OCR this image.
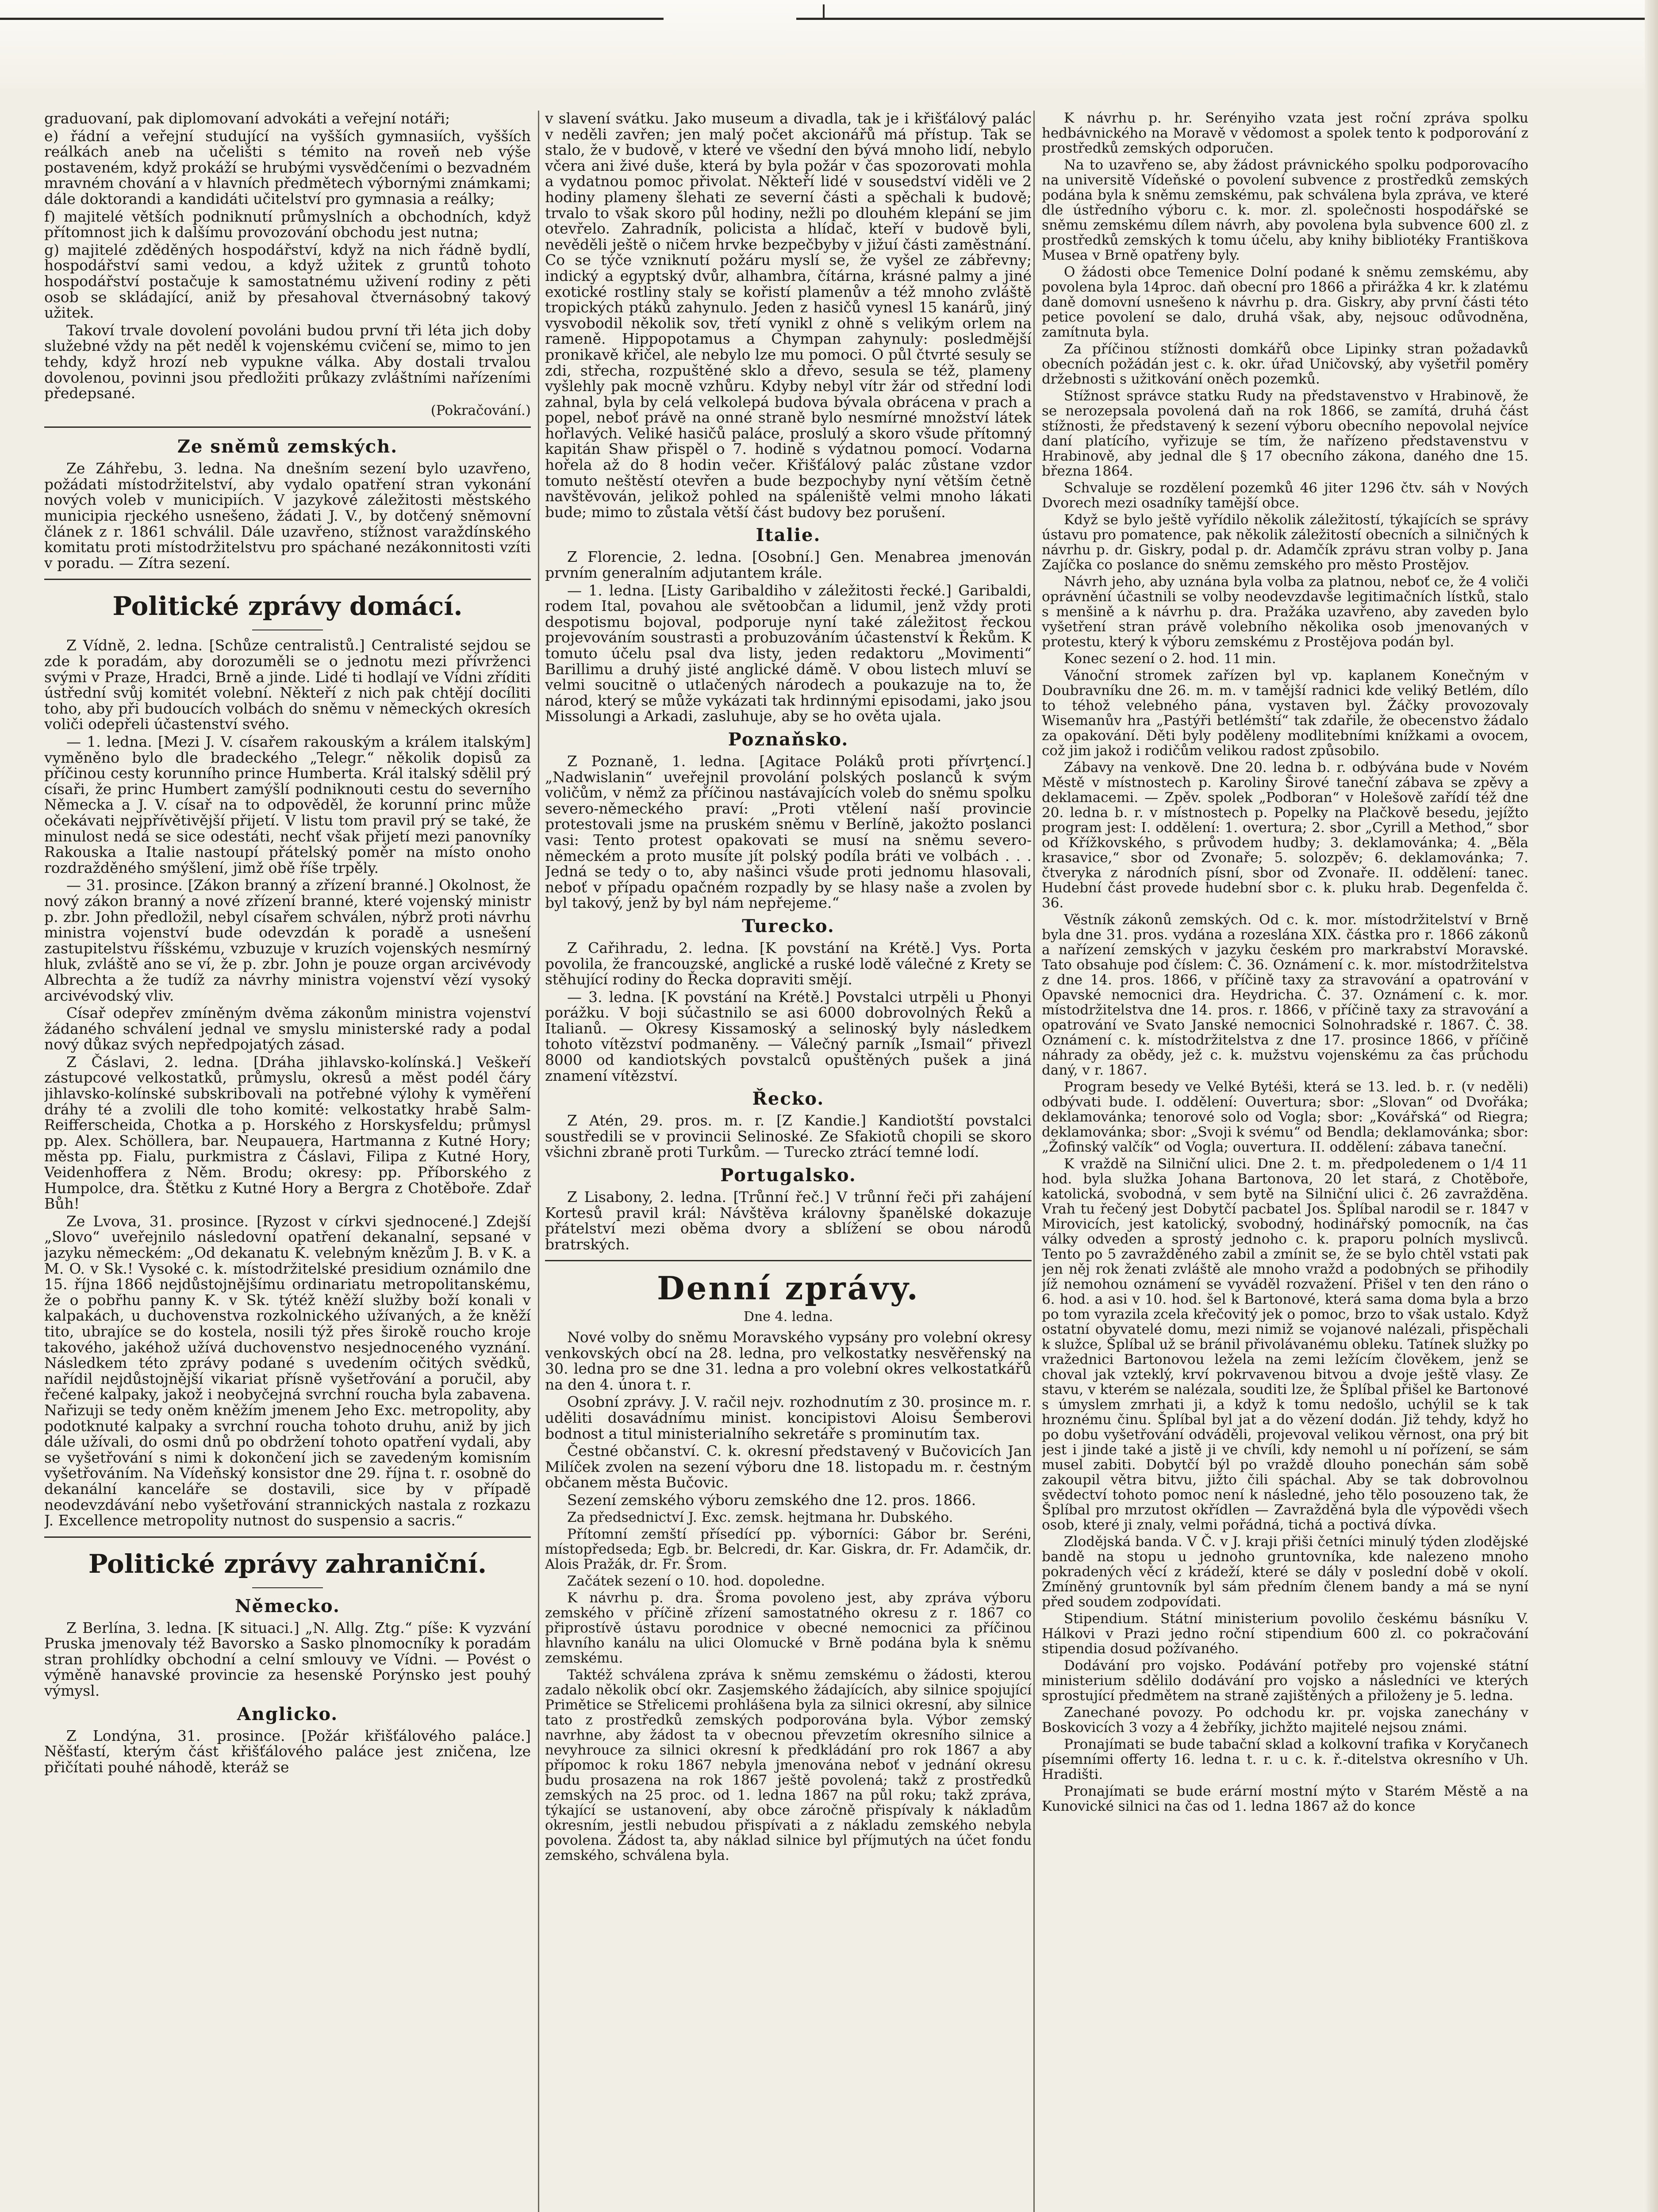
graduovaní, pak diplomovaní advokáti a veřejní notáři;

e) řádní a veřejní studující na vyšších gymnasiích, vyšších reálkách aneb na učelišti s témito na roveň neb výše postaveném, když prokáží se hrubými vysvědčeními o bezvadném mravném chování a v hlavních předmětech výborný́mi známkami; dále doktorandi a kandidáti učitelství pro gymnasia a reálky;

f) majitelé větších podniknutí průmyslních a obchodních, když přítomnost jich k dalšímu provozování obchodu jest nutna;

g) majitelé zděděných hospodářství, když na nich řádně bydlí, hospodářství sami vedou, a když užitek z gruntů tohoto hospodářství postačuje k samostatnému uživení rodiny z pěti osob se skládající, aniž by přesahoval čtvernásobný takový užitek.

Takoví trvale dovolení povoláni budou první tři léta jich doby služebné vždy na pět neděl k vojenskému cvičení se, mimo to jen tehdy, když hrozí neb vypukne válka. Aby dostali trvalou dovolenou, povinni jsou předložiti průkazy zvláštními nařízeními předepsané.

(Pokračování.)
Ze sněmů zemských.

Ze Záhřebu, 3. ledna. Na dnešním sezení bylo uzavřeno, požádati místodržitelství, aby vydalo opatření stran vykonání nových voleb v municipiích. V jazykové záležitosti městského municipia rjeckého usnešeno, žádati J. V., by dotčený sněmovní článek z r. 1861 schválil. Dále uzavřeno, stížnost varaždínského komitatu proti místodržitelstvu pro spáchané nezákonnitosti vzíti v poradu. — Zítra sezení.

Politické zprávy domácí.

Z Vídně, 2. ledna. [Schůze centralistů.] Centralisté sejdou se zde k poradám, aby dorozuměli se o jednotu mezi přívrženci svými v Praze, Hradci, Brně a jinde. Lidé ti hodlají ve Vídni zříditi ústřední svůj komitét volební. Někteří z nich pak chtějí docíliti toho, aby při budoucích volbách do sněmu v německých okresích voliči odepřeli účastenství svého.

— 1. ledna. [Mezi J. V. císařem rakouským a králem italským] vyměněno bylo dle bradeckého „Telegr.“ několik dopisů za příčinou cesty korunního prince Humberta. Král italský sdělil prý císaři, že princ Humbert zamýšlí podniknouti cestu do severního Německa a J. V. císař na to odpověděl, že korunní princ může očekávati nejpřívětivější přijetí. V listu tom pravil prý se také, že minulost nedá se sice odestáti, nechť však přijetí mezi panovníky Rakouska a Italie nastoupí přátelský poměr na místo onoho rozdražděného smýšlení, jimž obě říše trpěly.

— 31. prosince. [Zákon branný a zřízení branné.] Okolnost, že nový zákon branný a nové zřízení branné, které vojenský ministr p. zbr. John předložil, nebyl císařem schválen, nýbrž proti návrhu ministra vojenství bude odevzdán k poradě a usnešení zastupitelstvu říšskému, vzbuzuje v kruzích vojenských nesmírný hluk, zvláště ano se ví, že p. zbr. John je pouze organ arcivévody Albrechta a že tudíž za návrhy ministra vojenství vězí vysoký arcivévodský vliv.

Císař odepřev zmíněným dvěma zákonům ministra vojenství žádaného schválení jednal ve smyslu ministerské rady a podal nový důkaz svých nepředpojatých zásad.

Z Čáslavi, 2. ledna. [Dráha jihlavsko-kolínská.] Veškeří zástupcové velkostatků, průmyslu, okresů a měst podél čáry jihlavsko-kolínské subskribovali na potřebné výlohy k vyměření dráhy té a zvolili dle toho komité: velkostatky hrabě Salm-Reifferscheida, Chotka a p. Horského z Horskysfeldu; průmysl pp. Alex. Schöllera, bar. Neupauera, Hartmanna z Kutné Hory; města pp. Fialu, purkmistra z Čáslavi, Filipa z Kutné Hory, Veidenhoffera z Něm. Brodu; okresy: pp. Příborského z Humpolce, dra. Štětku z Kutné Hory a Bergra z Chotěboře. Zdař Bůh!

Ze Lvova, 31. prosince. [Ryzost v církvi sjednocené.] Zdejší „Slovo“ uveřejnilo následovní opatření dekanalní, sepsané v jazyku německém: „Od dekanatu K. velebným knězům J. B. v K. a M. O. v Sk.! Vysoké c. k. místodržitelské presidium oznámilo dne 15. října 1866 nejdůstojnějšímu ordinariatu metropolitanskému, že o pobřhu panny K. v Sk. týtéž kněží služby boží konali v kalpakách, u duchovenstva rozkolnického užívaných, a že kněží tito, ubrajíce se do kostela, nosili týž přes širokě roucho kroje takového, jakéhož užívá duchovenstvo nesjednoceného vyznání. Následkem této zprávy podané s uvedením očitých svědků, nařídil nejdůstojnější vikariat přísně vyšetřování a poručil, aby řečené kalpaky, jakož i neobyčejná svrchní roucha byla zabavena. Nařizuji se tedy oněm kněžím jmenem Jeho Exc. metropolity, aby podotknuté kalpaky a svrchní roucha tohoto druhu, aniž by jich dále užívali, do osmi dnů po obdržení tohoto opatření vydali, aby se vyšetřování s nimi k dokončení jich se zavedeným komisním vyšetřováním. Na Vídeňský konsistor dne 29. října t. r. osobně do dekanální kanceláře se dostavili, sice by v případě neodevzdávání nebo vyšetřování strannických nastala z rozkazu J. Excellence metropolity nutnost do suspensio a sacris.“

Politické zprávy zahraniční.
Německo.

Z Berlína, 3. ledna. [K situaci.] „N. Allg. Ztg.“ píše: K vyzvání Pruska jmenovaly též Bavorsko a Sasko plnomocníky k poradám stran prohlídky obchodní a celní smlouvy ve Vídni. — Povést o výměně hanavské provincie za hesenské Porýnsko jest pouhý výmysl.

Anglicko.

Z Londýna, 31. prosince. [Požár křišťálového paláce.] Něšťastí, kterým část křišťálového paláce jest zničena, lze přičítati pouhé náhodě, kteráž se

v slavení svátku. Jako museum a divadla, tak je i křišťálový palác v neděli zavřen; jen malý počet akcionářů má přístup. Tak se stalo, že v budově, v které ve všední den bývá mnoho lidí, nebylo včera ani živé duše, která by byla požár v čas spozorovati mohla a vydatnou pomoc přivolat. Někteří lidé v sousedství viděli ve 2 hodiny plameny šlehati ze severní části a spěchali k budově; trvalo to však skoro půl hodiny, nežli po dlouhém klepání se jim otevřelo. Zahradník, policista a hlídač, kteří v budově byli, nevěděli ještě o ničem hrvke bezpečbyby v jižuí části zaměstnání. Co se týče vzniknutí požáru myslí se, že vyšel ze zábřevny; indický a egyptský dvůr, alhambra, čítárna, krásné palmy a jiné exotické rostliny staly se kořistí plamenův a též mnoho zvláště tropických ptáků zahynulo. Jeden z hasičů vynesl 15 kanárů, jiný vysvobodil několik sov, třetí vynikl z ohně s velikým orlem na rameně. Hippopotamus a Chympan zahynuly: posledmější pronikavě křičel, ale nebylo lze mu pomoci. O půl čtvrté sesuly se zdi, střecha, rozpuštěné sklo a dřevo, sesula se též, plameny vyšlehly pak mocně vzhůru. Kdyby nebyl vítr žár od střední lodi zahnal, byla by celá velkolepá budova bývala obrácena v prach a popel, neboť právě na onné straně bylo nesmírné množství látek hořlavých. Veliké hasičů paláce, proslulý a skoro všude přítomný kapitán Shaw přispěl o 7. hodině s výdatnou pomocí. Vodarna hořela až do 8 hodin večer. Křišťálový palác zůstane vzdor tomuto neštěstí otevřen a bude bezpochyby nyní větším četně navštěvován, jelikož pohled na spáleniště velmi mnoho lákati bude; mimo to zůstala větší část budovy bez porušení.

Italie.

Z Florencie, 2. ledna. [Osobní.] Gen. Menabrea jmenován prvním generalním adjutantem krále.

— 1. ledna. [Listy Garibaldiho v záležitosti řecké.] Garibaldi, rodem Ital, povahou ale světoobčan a lidumil, jenž vždy proti despotismu bojoval, podporuje nyní také záležitost řeckou projevováním soustrasti a probuzováním účastenství k Řekům. K tomuto účelu psal dva listy, jeden redaktoru „Movimenti“ Barillimu a druhý jisté anglické dámě. V obou listech mluví se velmi soucitně o utlačených národech a poukazuje na to, že národ, který se může vykázati tak hrdinnými episodami, jako jsou Missolungi a Arkadi, zasluhuje, aby se ho ověta ujala.

Poznaňsko.

Z Poznaně, 1. ledna. [Agitace Poláků proti přívrţencí.] „Nadwislanin“ uveřejnil provolání polských poslanců k svým voličům, v němž za příčinou nastávajících voleb do sněmu spolku severo-německého praví: „Proti vtělení naší provincie protestovali jsme na pruském sněmu v Berlíně, jakožto poslanci vasi: Tento protest opakovati se musí na sněmu severo-německém a proto musíte jít polský podíla bráti ve volbách . . . Jedná se tedy o to, aby našinci všude proti jednomu hlasovali, neboť v případu opačném rozpadly by se hlasy naše a zvolen by byl takový, jenž by byl nám nepřejeme.“

Turecko.

Z Cařihradu, 2. ledna. [K povstání na Krétě.] Vys. Porta povolila, že francouzské, anglické a ruské lodě válečné z Krety se stěhující rodiny do Řecka dopraviti smějí.

— 3. ledna. [K povstání na Krétě.] Povstalci utrpěli u Phonyi porážku. V boji súčastnilo se asi 6000 dobrovolných Řeků a Italianů. — Okresy Kissamoský a selinoský byly následkem tohoto vítězství podmaněny. — Válečný parník „Ismail“ přivezl 8000 od kandiotských povstalců opuštěných pušek a jiná znamení vítězství.

Řecko.

Z Atén, 29. pros. m. r. [Z Kandie.] Kandiotští povstalci soustředili se v provincii Selinoské. Ze Sfakiotů chopili se skoro všichni zbraně proti Turkům. — Turecko ztrácí temné lodí.

Portugalsko.

Z Lisabony, 2. ledna. [Trůnní řeč.] V trůnní řeči při zahájení Kortesů pravil král: Návštěva královny španělské dokazuje přátelství mezi oběma dvory a sblížení se obou národů bratrských.

Denní zprávy.
Dne 4. ledna.

Nové volby do sněmu Moravského vypsány pro volební okresy venkovských obcí na 28. ledna, pro velkostatky nesvěřenský na 30. ledna pro se dne 31. ledna a pro volební okres velkostatkářů na den 4. února t. r.

Osobní zprávy. J. V. račil nejv. rozhodnutím z 30. prosince m. r. uděliti dosavádnímu minist. koncipistovi Aloisu Šemberovi bodnost a titul ministerialního sekretáře s prominutím tax.

Čestné občanství. C. k. okresní představený v Bučovicích Jan Milíček zvolen na sezení výboru dne 18. listopadu m. r. čestným občanem města Bučovic.

Sezení zemského výboru zemského dne 12. pros. 1866.

Za předsednictví J. Exc. zemsk. hejtmana hr. Dubského.

Přítomní zemští přísedící pp. výborníci: Gábor br. Seréni, místopředseda; Egb. br. Belcredi, dr. Kar. Giskra, dr. Fr. Adamčik, dr. Alois Pražák, dr. Fr. Šrom.

Začátek sezení o 10. hod. dopoledne.

K návrhu p. dra. Šroma povoleno jest, aby zpráva výboru zemského v příčině zřízení samostatného okresu z r. 1867 co připrostívě ústavu porodnice v obecné nemocnici za příčinou hlavního kanálu na ulici Olomucké v Brně podána byla k sněmu zemskému.

Taktéž schválena zpráva k sněmu zemskému o žádosti, kterou zadalo několik obcí okr. Zasjemského žádajících, aby silnice spojující Primětice se Střelicemi prohlášena byla za silnici okresní, aby silnice tato z prostředků zemských podporována byla. Výbor zemský navrhne, aby žádost ta v obecnou převzetím okresního silnice a nevyhrouce za silnici okresní k předkládání pro rok 1867 a aby přípomoc k roku 1867 nebyla jmenována neboť v jednání okresu budu prosazena na rok 1867 ještě povolená; takž z prostředků zemských na 25 proc. od 1. ledna 1867 na půl roku; takž zpráva, týkající se ustanovení, aby obce záročně přispívaly k nákladům okresním, jestli nebudou přispívati a z nákladu zemského nebyla povolena. Žádost ta, aby náklad silnice byl příjmutých na účet fondu zemského, schválena byla.

K návrhu p. hr. Serényiho vzata jest roční zpráva spolku hedbávnického na Moravě v vědomost a spolek tento k podporování z prostředků zemských odporučen.

Na to uzavřeno se, aby žádost právnického spolku podporovacího na universitě Vídeňské o povolení subvence z prostředků zemských podána byla k sněmu zemskému, pak schválena byla zpráva, ve které dle ústředního výboru c. k. mor. zl. společnosti hospodářské se sněmu zemskému dílem návrh, aby povolena byla subvence 600 zl. z prostředků zemských k tomu účelu, aby knihy bibliotéky Františkova Musea v Brně opatřeny byly.

O žádosti obce Temenice Dolní podané k sněmu zemskému, aby povolena byla 14proc. daň obecní pro 1866 a přirážka 4 kr. k zlatému daně domovní usnešeno k návrhu p. dra. Giskry, aby první části této petice povolení se dalo, druhá však, aby, nejsouc odůvodněna, zamítnuta byla.

Za příčinou stížnosti domkářů obce Lipinky stran požadavků obecních požádán jest c. k. okr. úřad Uničovský, aby vyšetřil poměry držebnosti s užitkování oněch pozemků.

Stížnost správce statku Rudy na představenstvo v Hrabinově, že se nerozepsala povolená daň na rok 1866, se zamítá, druhá část stížnosti, že představený k sezení výboru obecního nepovolal nejvíce daní platícího, vyřizuje se tím, že nařízeno představenstvu v Hrabinově, aby jednal dle § 17 obecního zákona, daného dne 15. března 1864.

Schvaluje se rozdělení pozemků 46 jiter 1296 čtv. sáh v Nových Dvorech mezi osadníky tamější obce.

Když se bylo ještě vyřídilo několik záležitostí, týkajících se správy ústavu pro pomatence, pak několik záležitostí obecních a silničných k návrhu p. dr. Giskry, podal p. dr. Adamčík zprávu stran volby p. Jana Zajíčka co poslance do sněmu zemského pro město Prostějov.

Návrh jeho, aby uznána byla volba za platnou, neboť ce, že 4 voliči oprávnění účastnili se volby neodevzdavše legitimačních lístků, stalo s menšině a k návrhu p. dra. Pražáka uzavřeno, aby zaveden bylo vyšetření stran právě volebního několika osob jmenovaných v protestu, který k výboru zemskému z Prostějova podán byl.

Konec sezení o 2. hod. 11 min.

Vánoční stromek zařízen byl vp. kaplanem Konečným v Doubravníku dne 26. m. m. v tamější radnici kde veliký Betlém, dílo to téhož velebného pána, vystaven byl. Žáčky provozovaly Wisemanův hra „Pastýři betlémští“ tak zdařile, že obecenstvo žádalo za opakování. Děti byly poděleny modlitebními knížkami a ovocem, což jim jakož i rodičům velikou radost způsobilo.

Zábavy na venkově. Dne 20. ledna b. r. odbývána bude v Novém Městě v místnostech p. Karoliny Širové taneční zábava se zpěvy a deklamacemi. — Zpěv. spolek „Podboran“ v Holešově zařídí též dne 20. ledna b. r. v místnostech p. Popelky na Plačkově besedu, jejížto program jest: I. oddělení: 1. overtura; 2. sbor „Cyrill a Method,“ sbor od Křížkovského, s průvodem hudby; 3. deklamovánka; 4. „Běla krasavice,“ sbor od Zvonaře; 5. solozpěv; 6. deklamovánka; 7. čtveryka z národních písní, sbor od Zvonaře. II. oddělení: tanec. Hudební část provede hudební sbor c. k. pluku hrab. Degenfelda č. 36.

Věstník zákonů zemských. Od c. k. mor. místodržitelství v Brně byla dne 31. pros. vydána a rozeslána XIX. částka pro r. 1866 zákonů a nařízení zemských v jazyku českém pro markrabství Moravské. Tato obsahuje pod číslem: Č. 36. Oznámení c. k. mor. místodržitelstva z dne 14. pros. 1866, v příčině taxy za stravování a opatrování v Opavské nemocnici dra. Heydricha. Č. 37. Oznámení c. k. mor. místodržitelstva dne 14. pros. r. 1866, v příčině taxy za stravování a opatrování ve Svato Janské nemocnici Solnohradské r. 1867. Č. 38. Oznámení c. k. místodržitelstva z dne 17. prosince 1866, v příčině náhrady za obědy, jež c. k. mužstvu vojenskému za čas průchodu daný, v r. 1867.

Program besedy ve Velké Bytéši, která se 13. led. b. r. (v neděli) odbývati bude. I. oddělení: Ouvertura; sbor: „Slovan“ od Dvořáka; deklamovánka; tenorové solo od Vogla; sbor: „Kovářská“ od Riegra; deklamovánka; sbor: „Svoji k svému“ od Bendla; deklamovánka; sbor: „Žofinský valčík“ od Vogla; ouvertura. II. oddělení: zábava taneční.

K vraždě na Silniční ulici. Dne 2. t. m. předpoledenem o 1/4 11 hod. byla služka Johana Bartonova, 20 let stará, z Chotěboře, katolická, svobodná, v sem bytě na Silniční ulici č. 26 zavražděna. Vrah tu řečený jest Dobytčí pacbatel Jos. Šplíbal narodil se r. 1847 v Mirovicích, jest katolický, svobodný, hodinářský pomocník, na čas války odveden a sprostý jednoho c. k. praporu polních myslivců. Tento po 5 zavražděného zabil a zmínit se, že se bylo chtěl vstati pak jen něj rok ženati zvláště ale mnoho vražd a podobných se přihodily jíž nemohou oznámení se vyváděl rozvažení. Přišel v ten den ráno o 6. hod. a asi v 10. hod. šel k Bartonové, která sama doma byla a brzo po tom vyrazila zcela křečovitý jek o pomoc, brzo to však ustalo. Když ostatní obyvatelé domu, mezi nimiž se vojanové nalézali, přispěchali k služce, Šplíbal už se bránil přivolávanému obleku. Tatínek služky po vražednici Bartonovou ležela na zemi ležícím člověkem, jenž se choval jak vzteklý, krví pokrvavenou bitvou a dvoje ještě vlasy. Ze stavu, v kterém se nalézala, souditi lze, že Šplíbal přišel ke Bartonové s úmyslem zmrhati ji, a když k tomu nedošlo, uchýlil se k tak hroznému činu. Šplíbal byl jat a do vězení dodán. Již tehdy, když ho po dobu vyšetřování odváděli, projevoval velikou věrnost, ona prý bit jest i jinde také a jistě ji ve chvíli, kdy nemohl u ní pořízení, se sám musel zabiti. Dobytčí býl po vraždě dlouho ponechán sám sobě zakoupil větra bitvu, jižto čili spáchal. Aby se tak dobrovolnou svědectví tohoto pomoc není k následné, jeho tělo posouzeno tak, že Šplíbal pro mrzutost okřídlen — Zavražděná byla dle výpovědi všech osob, které ji znaly, velmi pořádná, tichá a poctivá dívka.

Zlodějská banda. V Č. v J. kraji přiši četníci minulý týden zlodějské bandě na stopu u jednoho gruntovníka, kde nalezeno mnoho pokradených věcí z krádeží, které se dály v poslední době v okolí. Zmíněný gruntovník byl sám předním členem bandy a má se nyní před soudem zodpovídati.

Stipendium. Státní ministerium povolilo českému básníku V. Hálkovi v Prazi jedno roční stipendium 600 zl. co pokračování stipendia dosud požívaného.

Dodávání pro vojsko. Podávání potřeby pro vojenské státní ministerium sdělilo dodávání pro vojsko a následníci ve kterých sprostující předmětem na straně zajištěných a přiloženy je 5. ledna.

Zanechané povozy. Po odchodu kr. pr. vojska zanechány v Boskovicích 3 vozy a 4 žebříky, jichžto majitelé nejsou známi.

Pronajímati se bude tabační sklad a kolkovní trafika v Koryčanech písemními offerty 16. ledna t. r. u c. k. ř.-ditelstva okresního v Uh. Hradišti.

Pronajímati se bude erární mostní mýto v Starém Městě a na Kunovické silnici na čas od 1. ledna 1867 až do konce
